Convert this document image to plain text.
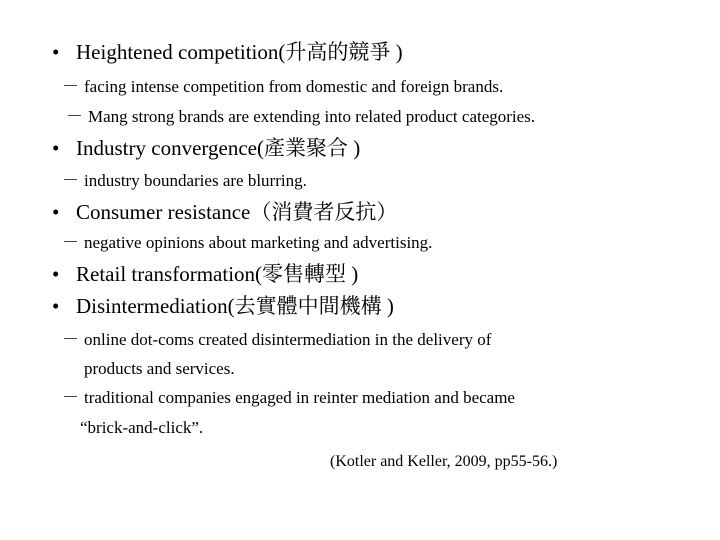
• Heightened competition(升高的競爭 )
－ facing intense competition from domestic and foreign brands.
－ Mang strong brands are extending into related product categories.
• Industry convergence(產業聚合 )
－ industry boundaries are blurring.
• Consumer resistance（消費者反抗）
－ negative opinions about marketing and advertising.
• Retail transformation(零售轉型 )
• Disintermediation(去實體中間機構 )
－ online dot-coms created disintermediation in the delivery of
products and services.
－ traditional companies engaged in reinter mediation and became
“brick-and-click”.
(Kotler and Keller, 2009, pp55-56.)
